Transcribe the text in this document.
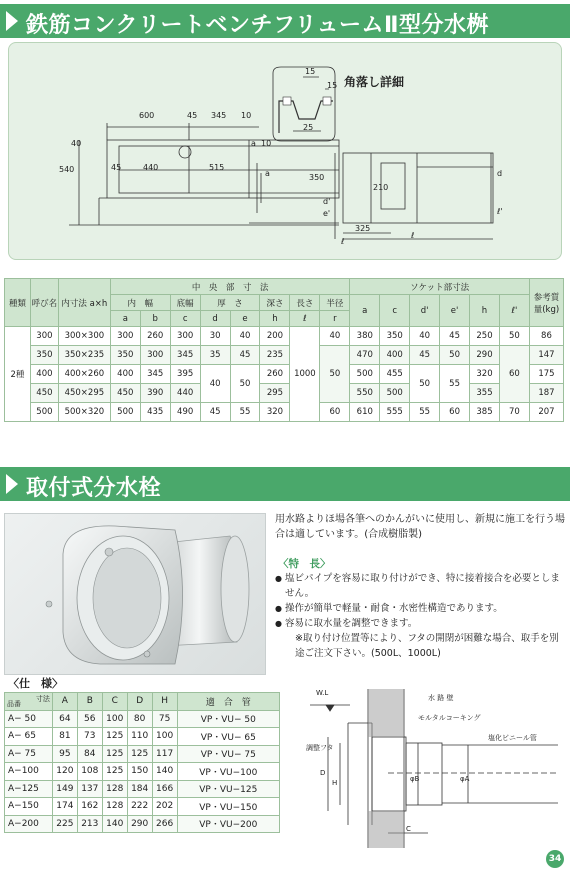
鉄筋コンクリートベンチフリュームⅡ型分水桝
角落し詳細
600	45 345 10
440	515
45
540
40	a 10
a
15
25
15
350
210
d
d'
e'	ℓ'
325
ℓ
ℓ
種類	呼び名	内寸法 a×h	中　央　部　寸　法								ソケット部寸法						参考質量(kg)
			内　幅		底幅	厚　さ		深さ	長さ	半径	a	c	d'	e'	h	ℓ'	
			a	b	c	d	e	h	ℓ	r							
2種	300	300×300	300	260	300	30	40	200	1000	40	380	350	40	45	250	50	86
	350	350×235	350	300	345	35	45	235		50	470	400	45	50	290	60	147
	400	400×260	400	345	395	40	50	260			500	455	50	55	320		175
	450	450×295	450	390	440			295			550	500			355		187
	500	500×320	500	435	490	45	55	320		60	610	555	55	60	385	70	207
取付式分水栓
用水路よりほ場各筆へのかんがいに使用し、新規に施工を行う場合は適しています。(合成樹脂製)
〈特　長〉
● 塩ビパイプを容易に取り付けができ、特に接着接合を必要としません。
● 操作が簡単で軽量・耐食・水密性構造であります。
● 容易に取水量を調整できます。
※取り付け位置等により、フタの開閉が困難な場合、取手を別途ご注文下さい。(500L、1000L)
〈仕　様〉
寸法
品番	A	B	C	D	H	適　合　管
A− 50	64	56	100	80	75	VP・VU− 50
A− 65	81	73	125	110	100	VP・VU− 65
A− 75	95	84	125	125	117	VP・VU− 75
A−100	120	108	125	150	140	VP・VU−100
A−125	149	137	128	184	166	VP・VU−125
A−150	174	162	128	222	202	VP・VU−150
A−200	225	213	140	290	266	VP・VU−200
W.L
水 路 壁
モルタルコーキング
塩化ビニール管
調整フタ
D
H	φB	φA
C
34
